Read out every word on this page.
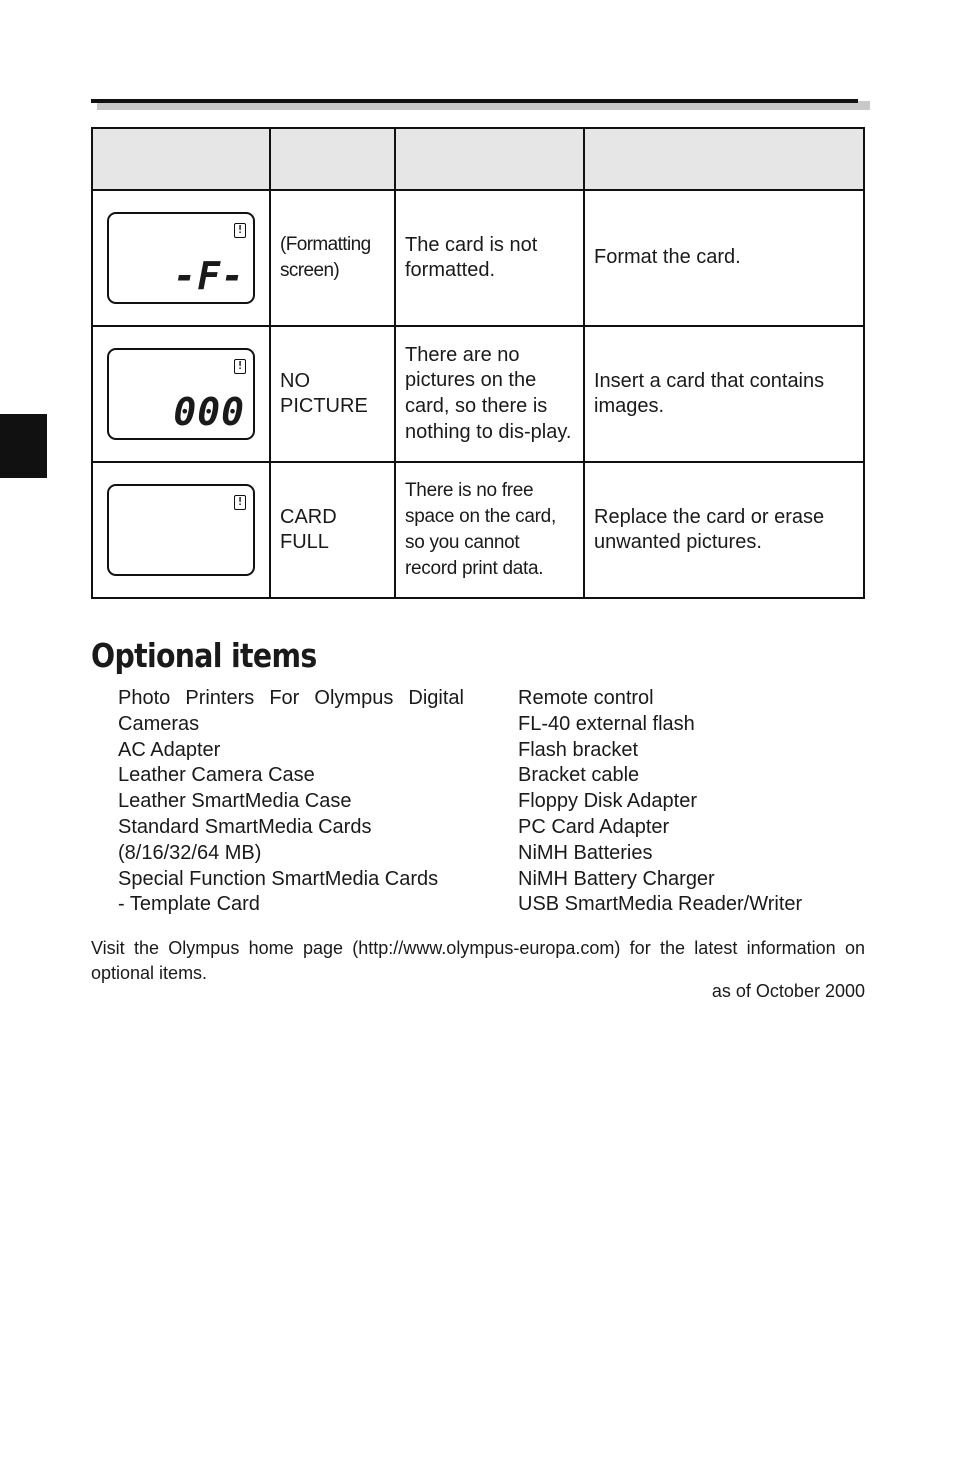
!
-F-	(Formatting screen)	The card is not formatted.	Format the card.

!
000	NO PICTURE	There are no pictures on the card, so there is nothing to dis-play.	Insert a card that contains images.

!	CARD FULL	There is no free space on the card, so you cannot record print data.	Replace the card or erase unwanted pictures.
Optional items
Photo Printers For Olympus Digital
Cameras
AC Adapter
Leather Camera Case
Leather SmartMedia Case
Standard SmartMedia Cards
(8/16/32/64 MB)
Special Function SmartMedia Cards
- Template Card
Remote control
FL-40 external flash
Flash bracket
Bracket cable
Floppy Disk Adapter
PC Card Adapter
NiMH Batteries
NiMH Battery Charger
USB SmartMedia Reader/Writer
Visit the Olympus home page (http://www.olympus-europa.com) for the latest information on
optional items.
as of October 2000
